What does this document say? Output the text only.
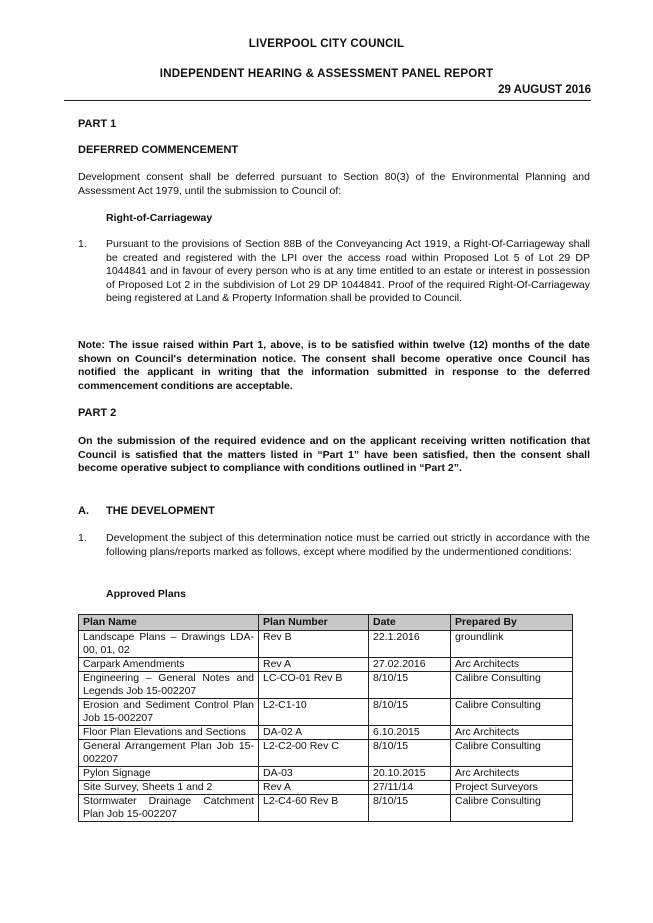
LIVERPOOL CITY COUNCIL
INDEPENDENT HEARING & ASSESSMENT PANEL REPORT
29 AUGUST 2016
PART 1
DEFERRED COMMENCEMENT
Development consent shall be deferred pursuant to Section 80(3) of the Environmental Planning and Assessment Act 1979, until the submission to Council of:
Right-of-Carriageway
1. Pursuant to the provisions of Section 88B of the Conveyancing Act 1919, a Right-Of-Carriageway shall be created and registered with the LPI over the access road within Proposed Lot 5 of Lot 29 DP 1044841 and in favour of every person who is at any time entitled to an estate or interest in possession of Proposed Lot 2 in the subdivision of Lot 29 DP 1044841. Proof of the required Right-Of-Carriageway being registered at Land & Property Information shall be provided to Council.
Note: The issue raised within Part 1, above, is to be satisfied within twelve (12) months of the date shown on Council's determination notice. The consent shall become operative once Council has notified the applicant in writing that the information submitted in response to the deferred commencement conditions are acceptable.
PART 2
On the submission of the required evidence and on the applicant receiving written notification that Council is satisfied that the matters listed in “Part 1” have been satisfied, then the consent shall become operative subject to compliance with conditions outlined in “Part 2”.
A. THE DEVELOPMENT
1. Development the subject of this determination notice must be carried out strictly in accordance with the following plans/reports marked as follows, except where modified by the undermentioned conditions:
Approved Plans
Plan Name	Plan Number	Date	Prepared By
Landscape Plans – Drawings LDA-00, 01, 02	Rev B	22.1.2016	groundlink
Carpark Amendments	Rev A	27.02.2016	Arc Architects
Engineering – General Notes and Legends Job 15-002207	LC-CO-01 Rev B	8/10/15	Calibre Consulting
Erosion and Sediment Control Plan Job 15-002207	L2-C1-10	8/10/15	Calibre Consulting
Floor Plan Elevations and Sections	DA-02 A	6.10.2015	Arc Architects
General Arrangement Plan Job 15-002207	L2-C2-00 Rev C	8/10/15	Calibre Consulting
Pylon Signage	DA-03	20.10.2015	Arc Architects
Site Survey, Sheets 1 and 2	Rev A	27/11/14	Project Surveyors
Stormwater Drainage Catchment Plan Job 15-002207	L2-C4-60 Rev B	8/10/15	Calibre Consulting
